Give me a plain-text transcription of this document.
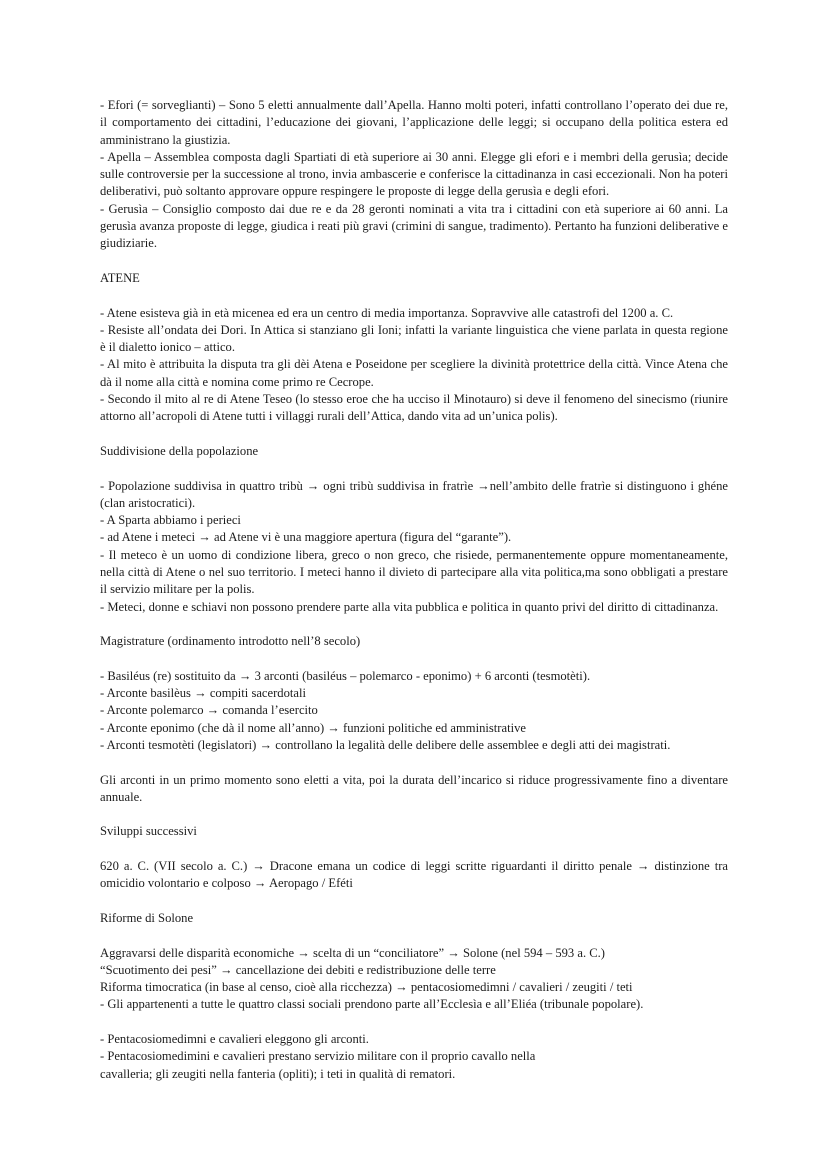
- Efori (= sorveglianti) – Sono 5 eletti annualmente dall’Apella. Hanno molti poteri, infatti controllano l’operato dei due re, il comportamento dei cittadini, l’educazione dei giovani, l’applicazione delle leggi; si occupano della politica estera ed amministrano la giustizia.

- Apella – Assemblea composta dagli Spartiati di età superiore ai 30 anni. Elegge gli efori e i membri della gerusìa; decide sulle controversie per la successione al trono, invia ambascerie e conferisce la cittadinanza in casi eccezionali. Non ha poteri deliberativi, può soltanto approvare oppure respingere le proposte di legge della gerusìa e degli efori.

- Gerusìa – Consiglio composto dai due re e da 28 geronti nominati a vita tra i cittadini con età superiore ai 60 anni. La gerusìa avanza proposte di legge, giudica i reati più gravi (crimini di sangue, tradimento). Pertanto ha funzioni deliberative e giudiziarie.

ATENE

- Atene esisteva già in età micenea ed era un centro di media importanza. Sopravvive alle catastrofi del 1200 a. C.

- Resiste all’ondata dei Dori. In Attica si stanziano gli Ioni; infatti la variante linguistica che viene parlata in questa regione è il dialetto ionico – attico.

- Al mito è attribuita la disputa tra gli dèi Atena e Poseidone per scegliere la divinità protettrice della città. Vince Atena che dà il nome alla città e nomina come primo re Cecrope.

- Secondo il mito al re di Atene Teseo (lo stesso eroe che ha ucciso il Minotauro) si deve il fenomeno del sinecismo (riunire attorno all’acropoli di Atene tutti i villaggi rurali dell’Attica, dando vita ad un’unica polis).

Suddivisione della popolazione

- Popolazione suddivisa in quattro tribù → ogni tribù suddivisa in fratrìe →nell’ambito delle fratrìe si distinguono i ghéne (clan aristocratici).

- A Sparta abbiamo i perieci

- ad Atene i meteci → ad Atene vi è una maggiore apertura (figura del “garante”).

- Il meteco è un uomo di condizione libera, greco o non greco, che risiede, permanentemente oppure momentaneamente, nella città di Atene o nel suo territorio. I meteci hanno il divieto di partecipare alla vita politica,ma sono obbligati a prestare il servizio militare per la polis.

- Meteci, donne e schiavi non possono prendere parte alla vita pubblica e politica in quanto privi del diritto di cittadinanza.

Magistrature (ordinamento introdotto nell’8 secolo)

- Basiléus (re) sostituito da → 3 arconti (basiléus – polemarco - eponimo) + 6 arconti (tesmotèti).

- Arconte basilèus → compiti sacerdotali

- Arconte polemarco → comanda l’esercito

- Arconte eponimo (che dà il nome all’anno) → funzioni politiche ed amministrative

- Arconti tesmotèti (legislatori) → controllano la legalità delle delibere delle assemblee e degli atti dei magistrati.

Gli arconti in un primo momento sono eletti a vita, poi la durata dell’incarico si riduce progressivamente fino a diventare annuale.

Sviluppi successivi

620 a. C. (VII secolo a. C.) → Dracone emana un codice di leggi scritte riguardanti il diritto penale → distinzione tra omicidio volontario e colposo → Aeropago / Eféti

Riforme di Solone

Aggravarsi delle disparità economiche → scelta di un “conciliatore” → Solone (nel 594 – 593 a. C.)

“Scuotimento dei pesi” → cancellazione dei debiti e redistribuzione delle terre

Riforma timocratica (in base al censo, cioè alla ricchezza) → pentacosiomedimni / cavalieri / zeugiti / teti

- Gli appartenenti a tutte le quattro classi sociali prendono parte all’Ecclesìa e all’Eliéa (tribunale popolare).

- Pentacosiomedimni e cavalieri eleggono gli arconti.

- Pentacosiomedimini e cavalieri prestano servizio militare con il proprio cavallo nella

cavalleria; gli zeugiti nella fanteria (opliti); i teti in qualità di rematori.
